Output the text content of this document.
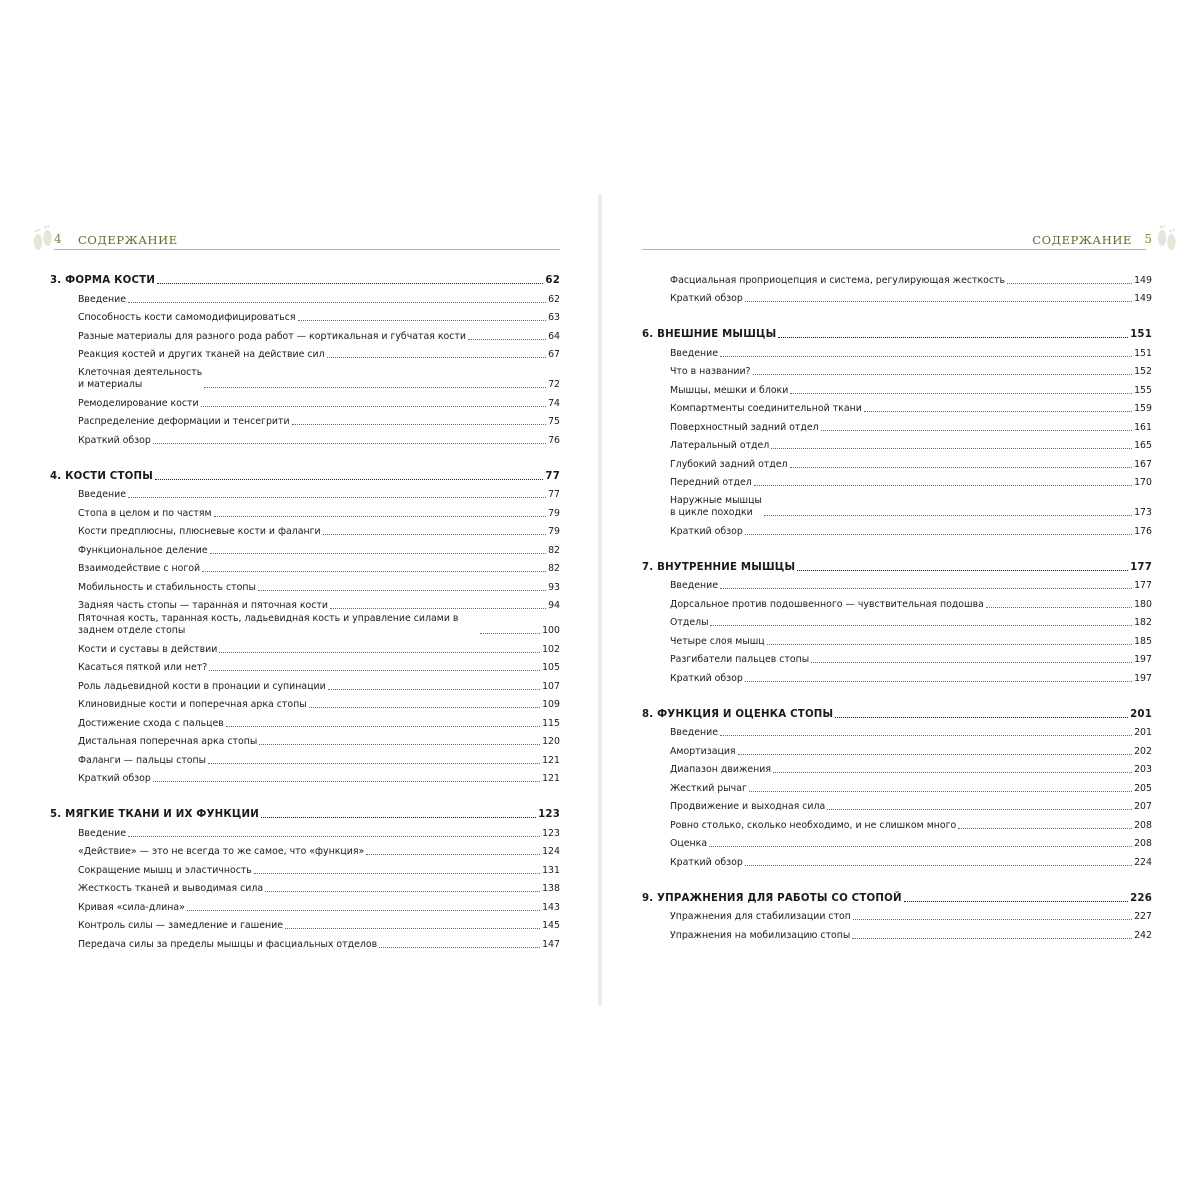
4 СОДЕРЖАНИЕ
3. ФОРМА КОСТИ	62
Введение	62
Способность кости самомодифицироваться	63
Разные материалы для разного рода работ — кортикальная и губчатая кости	64
Реакция костей и других тканей на действие сил	67
Клеточная деятельность
и материалы	72
Ремоделирование кости	74
Распределение деформации и тенсегрити	75
Краткий обзор	76
4. КОСТИ СТОПЫ	77
Введение	77
Стопа в целом и по частям	79
Кости предплюсны, плюсневые кости и фаланги	79
Функциональное деление	82
Взаимодействие с ногой	82
Мобильность и стабильность стопы	93
Задняя часть стопы — таранная и пяточная кости	94
Пяточная кость, таранная кость, ладьевидная кость и управление силами в заднем отделе стопы	100
Кости и суставы в действии	102
Касаться пяткой или нет?	105
Роль ладьевидной кости в пронации и супинации	107
Клиновидные кости и поперечная арка стопы	109
Достижение схода с пальцев	115
Дистальная поперечная арка стопы	120
Фаланги — пальцы стопы	121
Краткий обзор	121
5. МЯГКИЕ ТКАНИ И ИХ ФУНКЦИИ	123
Введение	123
«Действие» — это не всегда то же самое, что «функция»	124
Сокращение мышц и эластичность	131
Жесткость тканей и выводимая сила	138
Кривая «сила-длина»	143
Контроль силы — замедление и гашение	145
Передача силы за пределы мышцы и фасциальных отделов	147
СОДЕРЖАНИЕ 5
Фасциальная проприоцепция и система, регулирующая жесткость	149
Краткий обзор	149
6. ВНЕШНИЕ МЫШЦЫ	151
Введение	151
Что в названии?	152
Мышцы, мешки и блоки	155
Компартменты соединительной ткани	159
Поверхностный задний отдел	161
Латеральный отдел	165
Глубокий задний отдел	167
Передний отдел	170
Наружные мышцы
в цикле походки	173
Краткий обзор	176
7. ВНУТРЕННИЕ МЫШЦЫ	177
Введение	177
Дорсальное против подошвенного — чувствительная подошва	180
Отделы	182
Четыре слоя мышц	185
Разгибатели пальцев стопы	197
Краткий обзор	197
8. ФУНКЦИЯ И ОЦЕНКА СТОПЫ	201
Введение	201
Амортизация	202
Диапазон движения	203
Жесткий рычаг	205
Продвижение и выходная сила	207
Ровно столько, сколько необходимо, и не слишком много	208
Оценка	208
Краткий обзор	224
9. УПРАЖНЕНИЯ ДЛЯ РАБОТЫ СО СТОПОЙ	226
Упражнения для стабилизации стоп	227
Упражнения на мобилизацию стопы	242
